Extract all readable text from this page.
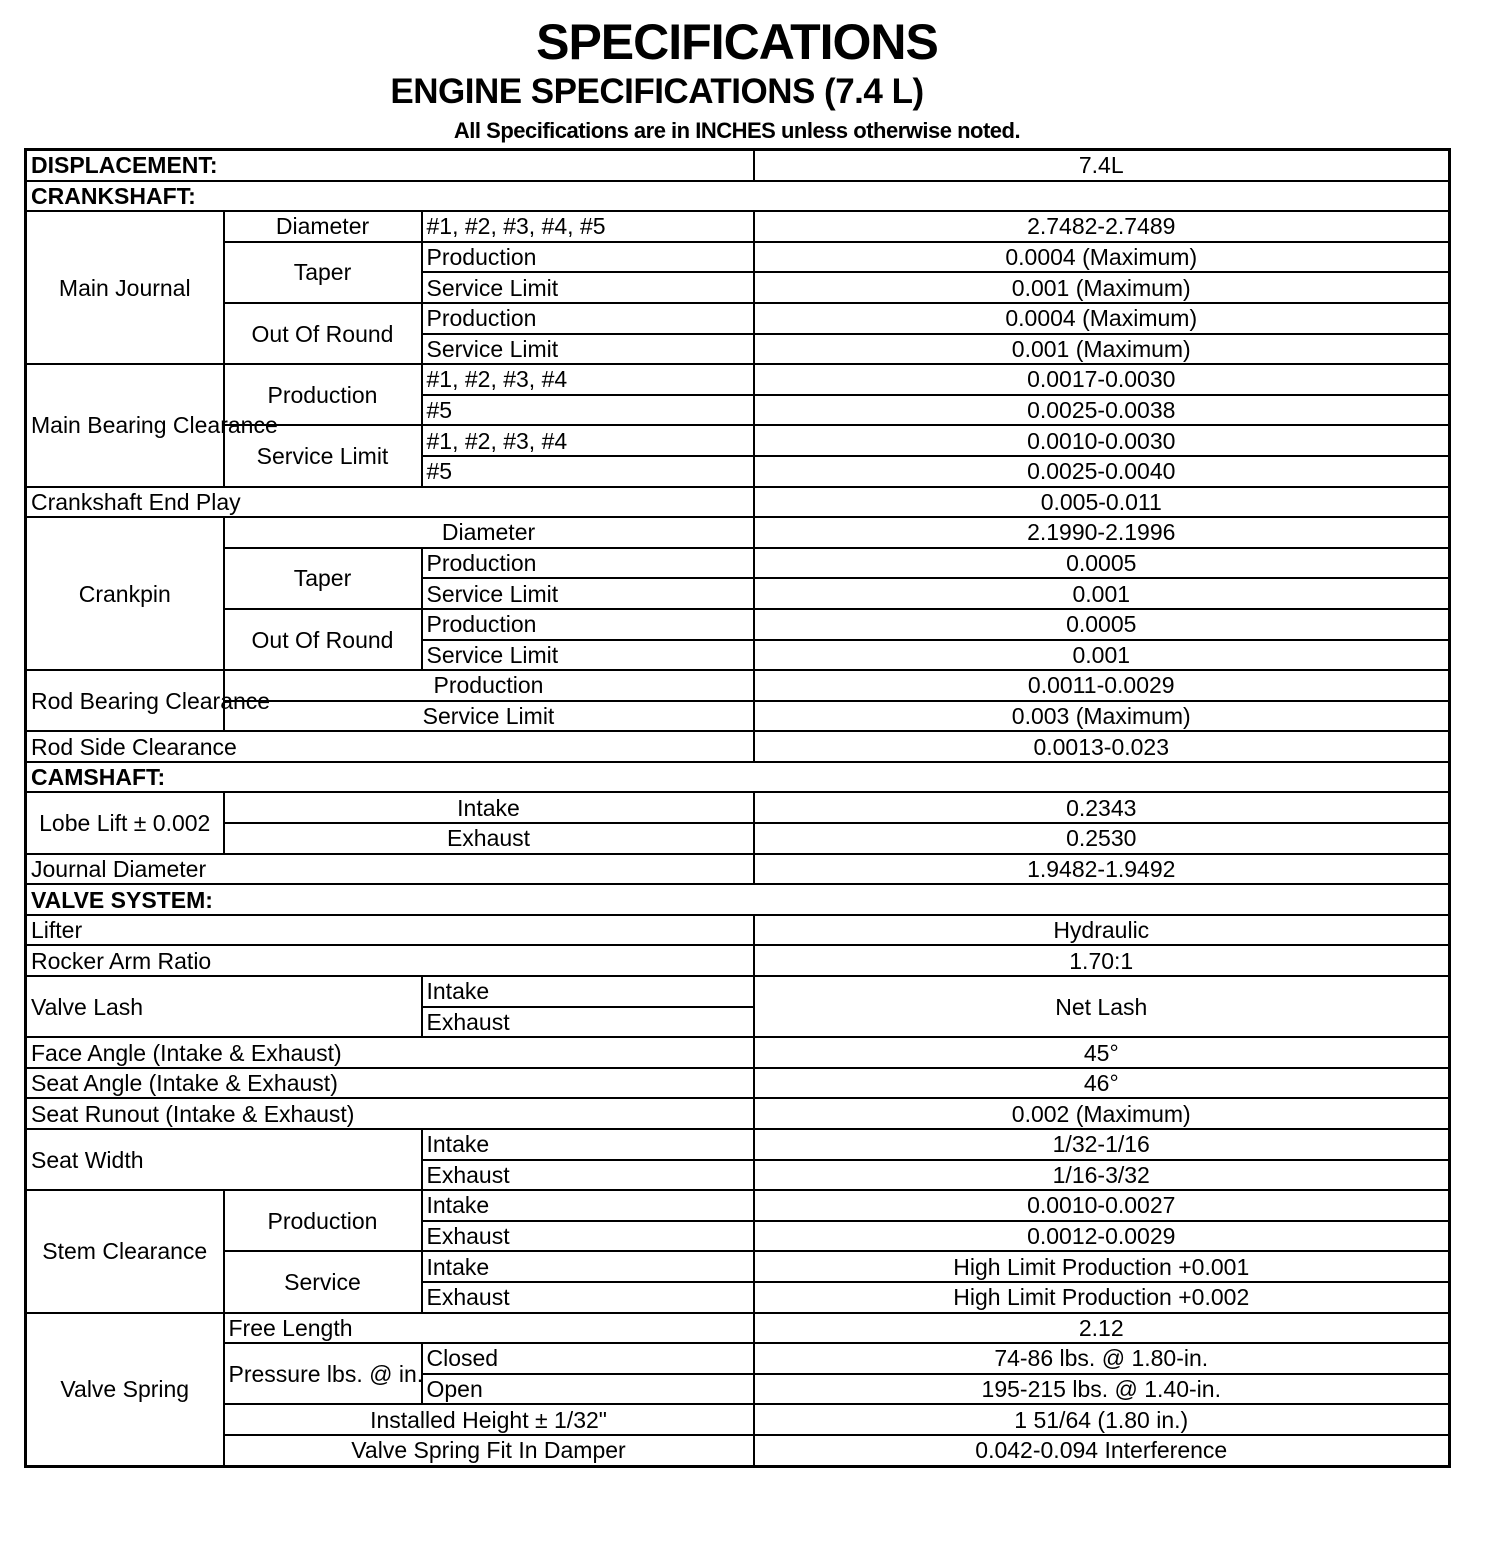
SPECIFICATIONS
ENGINE SPECIFICATIONS (7.4 L)
All Specifications are in INCHES unless otherwise noted.
DISPLACEMENT:			7.4L
CRANKSHAFT:			
Main Journal	Diameter	#1, #2, #3, #4, #5	2.7482-2.7489
	Taper	Production	0.0004 (Maximum)
		Service Limit	0.001 (Maximum)
	Out Of Round	Production	0.0004 (Maximum)
		Service Limit	0.001 (Maximum)
Main Bearing Clearance	Production	#1, #2, #3, #4	0.0017-0.0030
		#5	0.0025-0.0038
	Service Limit	#1, #2, #3, #4	0.0010-0.0030
		#5	0.0025-0.0040
Crankshaft End Play			0.005-0.011
Crankpin	Diameter		2.1990-2.1996
	Taper	Production	0.0005
		Service Limit	0.001
	Out Of Round	Production	0.0005
		Service Limit	0.001
Rod Bearing Clearance	Production		0.0011-0.0029
	Service Limit		0.003 (Maximum)
Rod Side Clearance			0.0013-0.023
CAMSHAFT:			
Lobe Lift ± 0.002	Intake		0.2343
	Exhaust		0.2530
Journal Diameter			1.9482-1.9492
VALVE SYSTEM:			
Lifter			Hydraulic
Rocker Arm Ratio			1.70:1
Valve Lash		Intake	Net Lash
		Exhaust	
Face Angle (Intake & Exhaust)			45°
Seat Angle (Intake & Exhaust)			46°
Seat Runout (Intake & Exhaust)			0.002 (Maximum)
Seat Width		Intake	1/32-1/16
		Exhaust	1/16-3/32
Stem Clearance	Production	Intake	0.0010-0.0027
		Exhaust	0.0012-0.0029
	Service	Intake	High Limit Production +0.001
		Exhaust	High Limit Production +0.002
Valve Spring	Free Length		2.12
	Pressure lbs. @ in.	Closed	74-86 lbs. @ 1.80-in.
		Open	195-215 lbs. @ 1.40-in.
	Installed Height ± 1/32"		1 51/64 (1.80 in.)
	Valve Spring Fit In Damper		0.042-0.094 Interference
